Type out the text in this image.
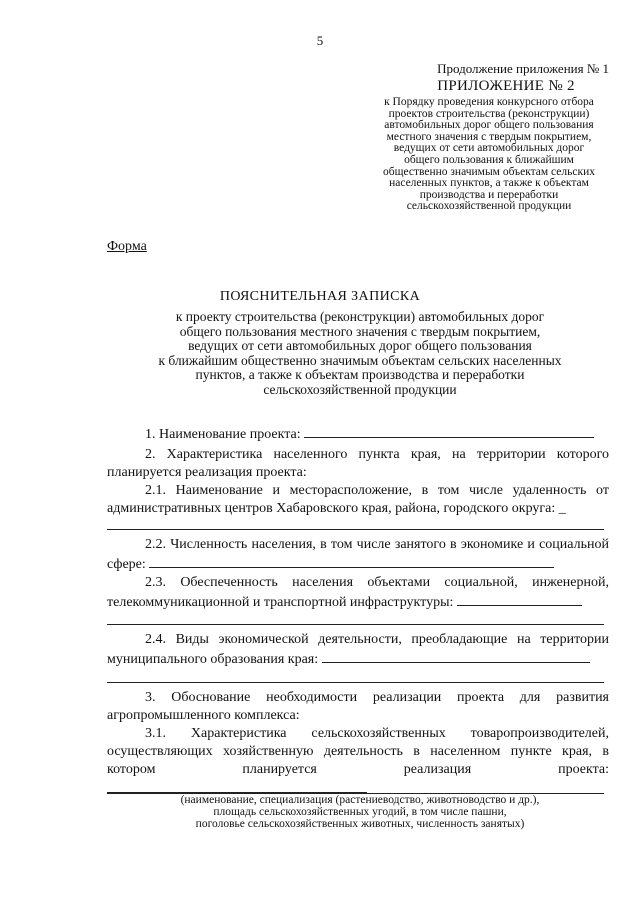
5
Продолжение приложения № 1
ПРИЛОЖЕНИЕ № 2
к Порядку проведения конкурсного отбора
проектов строительства (реконструкции)
автомобильных дорог общего пользования
местного значения с твердым покрытием,
ведущих от сети автомобильных дорог
общего пользования к ближайшим
общественно значимым объектам сельских
населенных пунктов, а также к объектам
производства и переработки
сельскохозяйственной продукции
Форма
ПОЯСНИТЕЛЬНАЯ ЗАПИСКА
к проекту строительства (реконструкции) автомобильных дорог
общего пользования местного значения с твердым покрытием,
ведущих от сети автомобильных дорог общего пользования
к ближайшим общественно значимым объектам сельских населенных
пунктов, а также к объектам производства и переработки
сельскохозяйственной продукции
1. Наименование проекта:
2. Характеристика населенного пункта края, на территории которого планируется реализация проекта:
2.1. Наименование и месторасположение, в том числе удаленность от административных центров Хабаровского края, района, городского округа: _
2.2. Численность населения, в том числе занятого в экономике и социальной сфере:
2.3. Обеспеченность населения объектами социальной, инженерной, телекоммуникационной и транспортной инфраструктуры:
2.4. Виды экономической деятельности, преобладающие на территории муниципального образования края:
3. Обоснование необходимости реализации проекта для развития агропромышленного комплекса:
3.1. Характеристика сельскохозяйственных товаропроизводителей, осуществляющих хозяйственную деятельность в населенном пункте края, в котором планируется реализация проекта:
(наименование, специализация (растениеводство, животноводство и др.),
площадь сельскохозяйственных угодий, в том числе пашни,
поголовье сельскохозяйственных животных, численность занятых)
